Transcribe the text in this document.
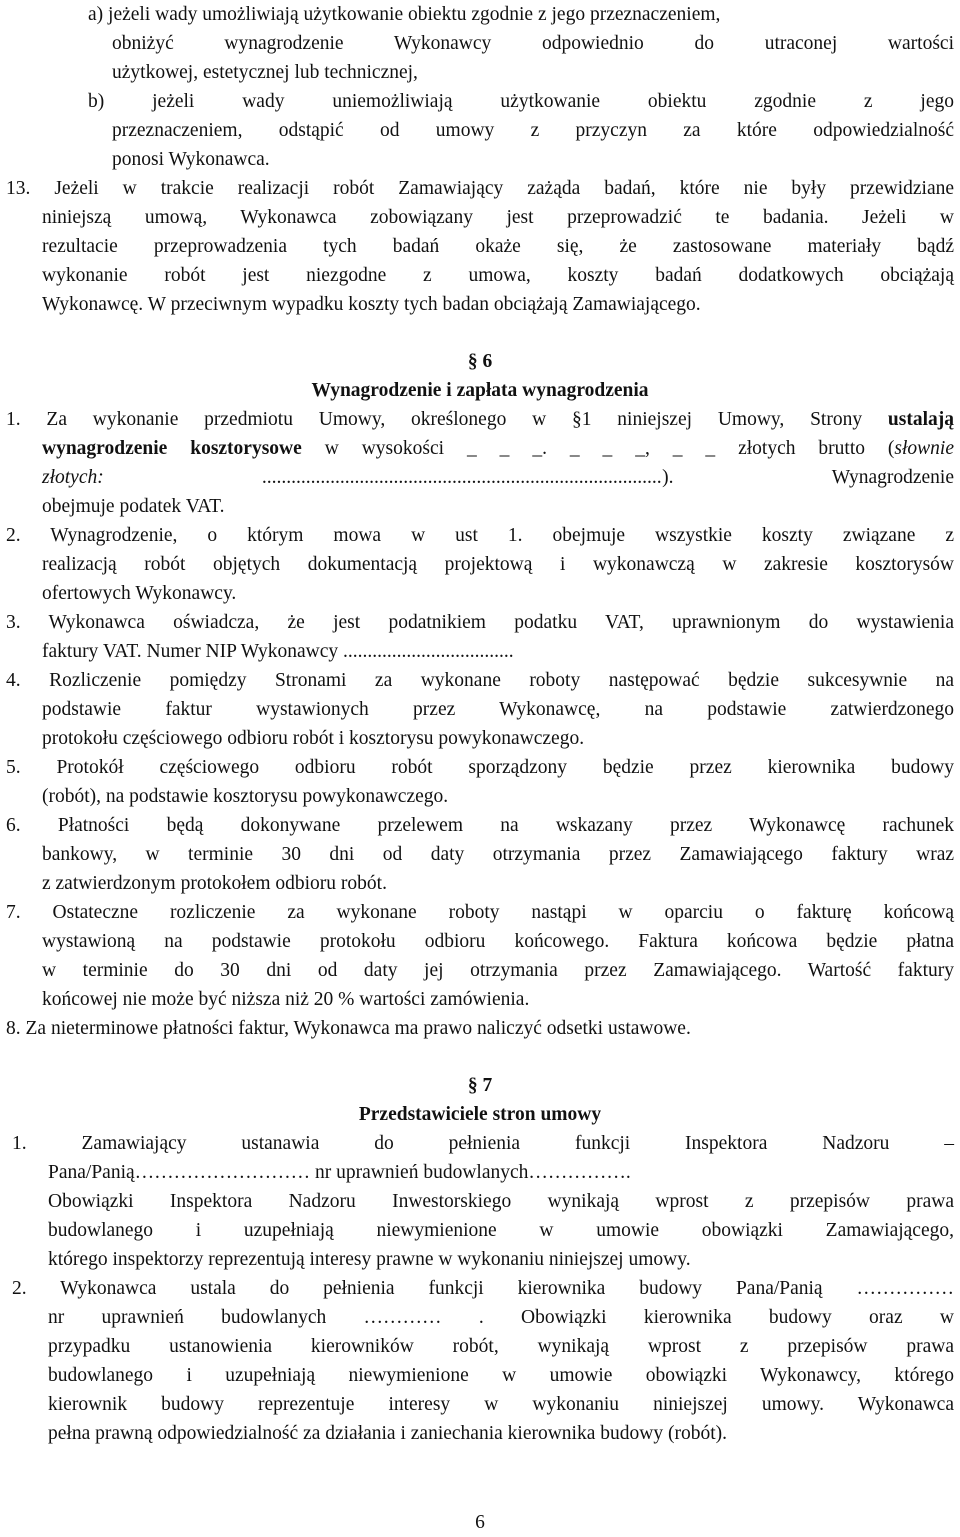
a) jeżeli wady umożliwiają użytkowanie obiektu zgodnie z jego przeznaczeniem,
obniżyć wynagrodzenie Wykonawcy odpowiednio do utraconej wartości
użytkowej, estetycznej lub technicznej,
b) jeżeli wady uniemożliwiają użytkowanie obiektu zgodnie z jego
przeznaczeniem, odstąpić od umowy z przyczyn za które odpowiedzialność
ponosi Wykonawca.
13. Jeżeli w trakcie realizacji robót Zamawiający zażąda badań, które nie były przewidziane
niniejszą umową, Wykonawca zobowiązany jest przeprowadzić te badania. Jeżeli w
rezultacie przeprowadzenia tych badań okaże się, że zastosowane materiały bądź
wykonanie robót jest niezgodne z umowa, koszty badań dodatkowych obciążają
Wykonawcę. W przeciwnym wypadku koszty tych badan obciążają Zamawiającego.
§ 6
Wynagrodzenie i zapłata wynagrodzenia
1. Za wykonanie przedmiotu Umowy, określonego w §1 niniejszej Umowy, Strony ustalają
wynagrodzenie kosztorysowe w wysokości _ _ _. _ _ _, _ _ złotych brutto (słownie
złotych: ..................................................................................). Wynagrodzenie
obejmuje podatek VAT.
2. Wynagrodzenie, o którym mowa w ust 1. obejmuje wszystkie koszty związane z
realizacją robót objętych dokumentacją projektową i wykonawczą w zakresie kosztorysów
ofertowych Wykonawcy.
3. Wykonawca oświadcza, że jest podatnikiem podatku VAT, uprawnionym do wystawienia
faktury VAT. Numer NIP Wykonawcy ...................................
4. Rozliczenie pomiędzy Stronami za wykonane roboty następować będzie sukcesywnie na
podstawie faktur wystawionych przez Wykonawcę, na podstawie zatwierdzonego
protokołu częściowego odbioru robót i kosztorysu powykonawczego.
5. Protokół częściowego odbioru robót sporządzony będzie przez kierownika budowy
(robót), na podstawie kosztorysu powykonawczego.
6. Płatności będą dokonywane przelewem na wskazany przez Wykonawcę rachunek
bankowy, w terminie 30 dni od daty otrzymania przez Zamawiającego faktury wraz
z zatwierdzonym protokołem odbioru robót.
7. Ostateczne rozliczenie za wykonane roboty nastąpi w oparciu o fakturę końcową
wystawioną na podstawie protokołu odbioru końcowego. Faktura końcowa będzie płatna
w terminie do 30 dni od daty jej otrzymania przez Zamawiającego. Wartość faktury
końcowej nie może być niższa niż 20 % wartości zamówienia.
8. Za nieterminowe płatności faktur, Wykonawca ma prawo naliczyć odsetki ustawowe.
§ 7
Przedstawiciele stron umowy
1. Zamawiający ustanawia do pełnienia funkcji Inspektora Nadzoru –
Pana/Panią……………………… nr uprawnień budowlanych…………….
Obowiązki Inspektora Nadzoru Inwestorskiego wynikają wprost z przepisów prawa
budowlanego i uzupełniają niewymienione w umowie obowiązki Zamawiającego,
którego inspektorzy reprezentują interesy prawne w wykonaniu niniejszej umowy.
2. Wykonawca ustala do pełnienia funkcji kierownika budowy Pana/Panią ……………
nr uprawnień budowlanych ………… . Obowiązki kierownika budowy oraz w
przypadku ustanowienia kierowników robót, wynikają wprost z przepisów prawa
budowlanego i uzupełniają niewymienione w umowie obowiązki Wykonawcy, którego
kierownik budowy reprezentuje interesy w wykonaniu niniejszej umowy. Wykonawca
pełna prawną odpowiedzialność za działania i zaniechania kierownika budowy (robót).
6
